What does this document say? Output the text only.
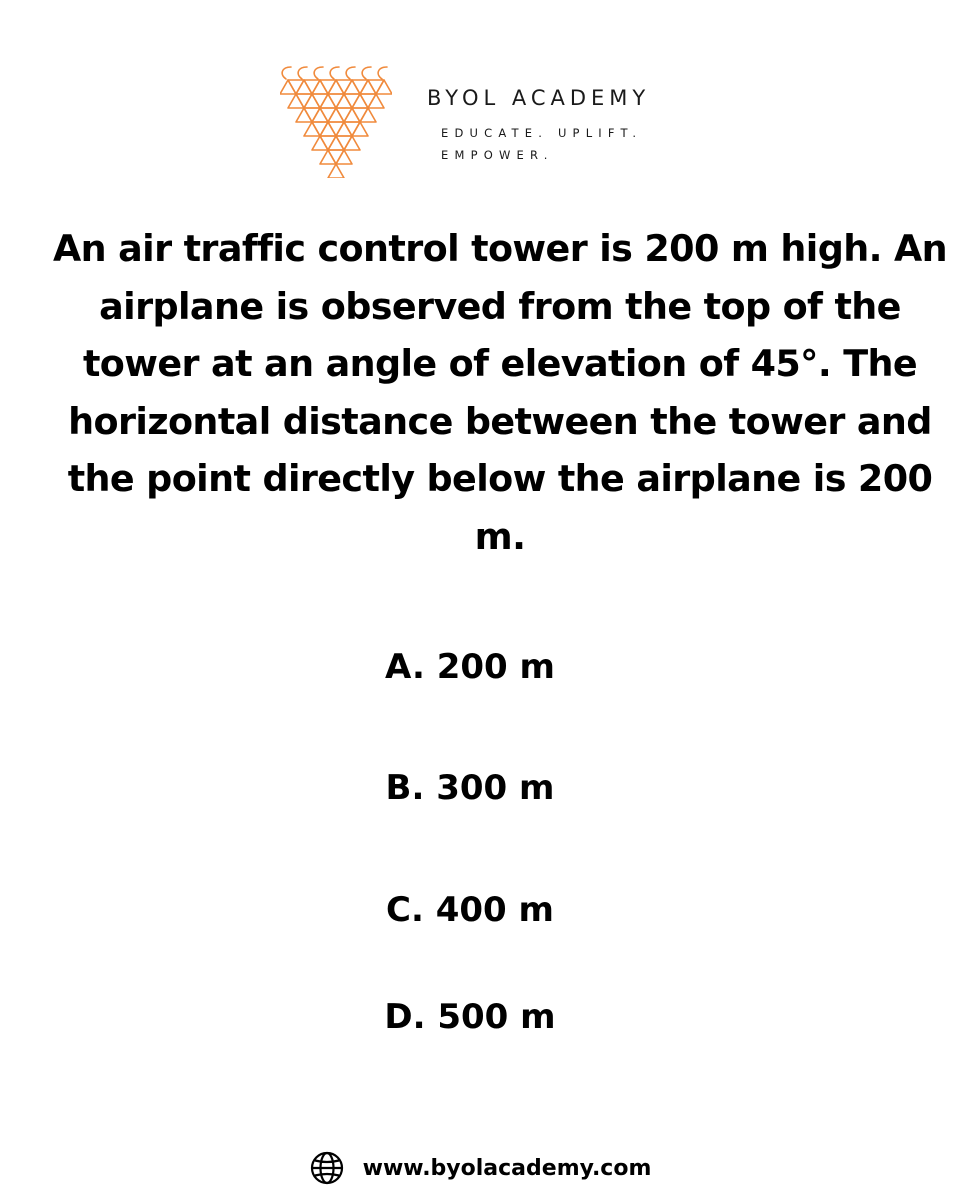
BYOL ACADEMY
EDUCATE. UPLIFT. EMPOWER.

An air traffic control tower is 200 m high. An airplane is observed from the top of the tower at an angle of elevation of 45°. The horizontal distance between the tower and the point directly below the airplane is 200 m.

A. 200 m
B. 300 m
C. 400 m
D. 500 m
www.byolacademy.com
